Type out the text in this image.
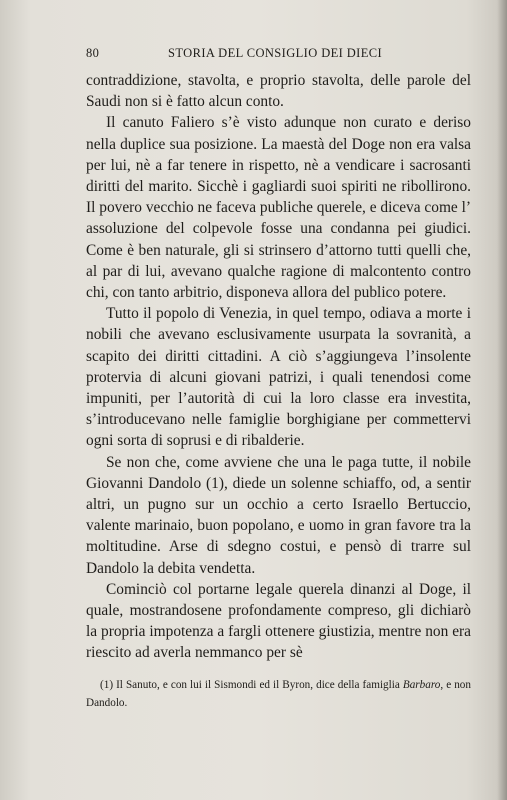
80	STORIA DEL CONSIGLIO DEI DIECI

contraddizione, stavolta, e proprio stavolta, delle parole del Saudi non si è fatto alcun conto.

Il canuto Faliero s’è visto adunque non curato e deriso nella duplice sua posizione. La maestà del Doge non era valsa per lui, nè a far tenere in rispetto, nè a vendicare i sacrosanti diritti del marito. Sicchè i gagliardi suoi spiriti ne ribollirono. Il povero vecchio ne faceva publiche querele, e diceva come l’ assoluzione del colpevole fosse una condanna pei giudici. Come è ben naturale, gli si strinsero d’attorno tutti quelli che, al par di lui, avevano qualche ragione di malcontento contro chi, con tanto arbitrio, disponeva allora del publico potere.

Tutto il popolo di Venezia, in quel tempo, odiava a morte i nobili che avevano esclusivamente usurpata la sovranità, a scapito dei diritti cittadini. A ciò s’aggiungeva l’insolente protervia di alcuni giovani patrizi, i quali tenendosi come impuniti, per l’autorità di cui la loro classe era investita, s’introducevano nelle famiglie borghigiane per commettervi ogni sorta di soprusi e di ribalderie.

Se non che, come avviene che una le paga tutte, il nobile Giovanni Dandolo (1), diede un solenne schiaffo, od, a sentir altri, un pugno sur un occhio a certo Israello Bertuccio, valente marinaio, buon popolano, e uomo in gran favore tra la moltitudine. Arse di sdegno costui, e pensò di trarre sul Dandolo la debita vendetta.

Cominciò col portarne legale querela dinanzi al Doge, il quale, mostrandosene profondamente compreso, gli dichiarò la propria impotenza a fargli ottenere giustizia, mentre non era riescito ad averla nemmanco per sè

(1) Il Sanuto, e con lui il Sismondi ed il Byron, dice della famiglia Barbaro, e non Dandolo.
